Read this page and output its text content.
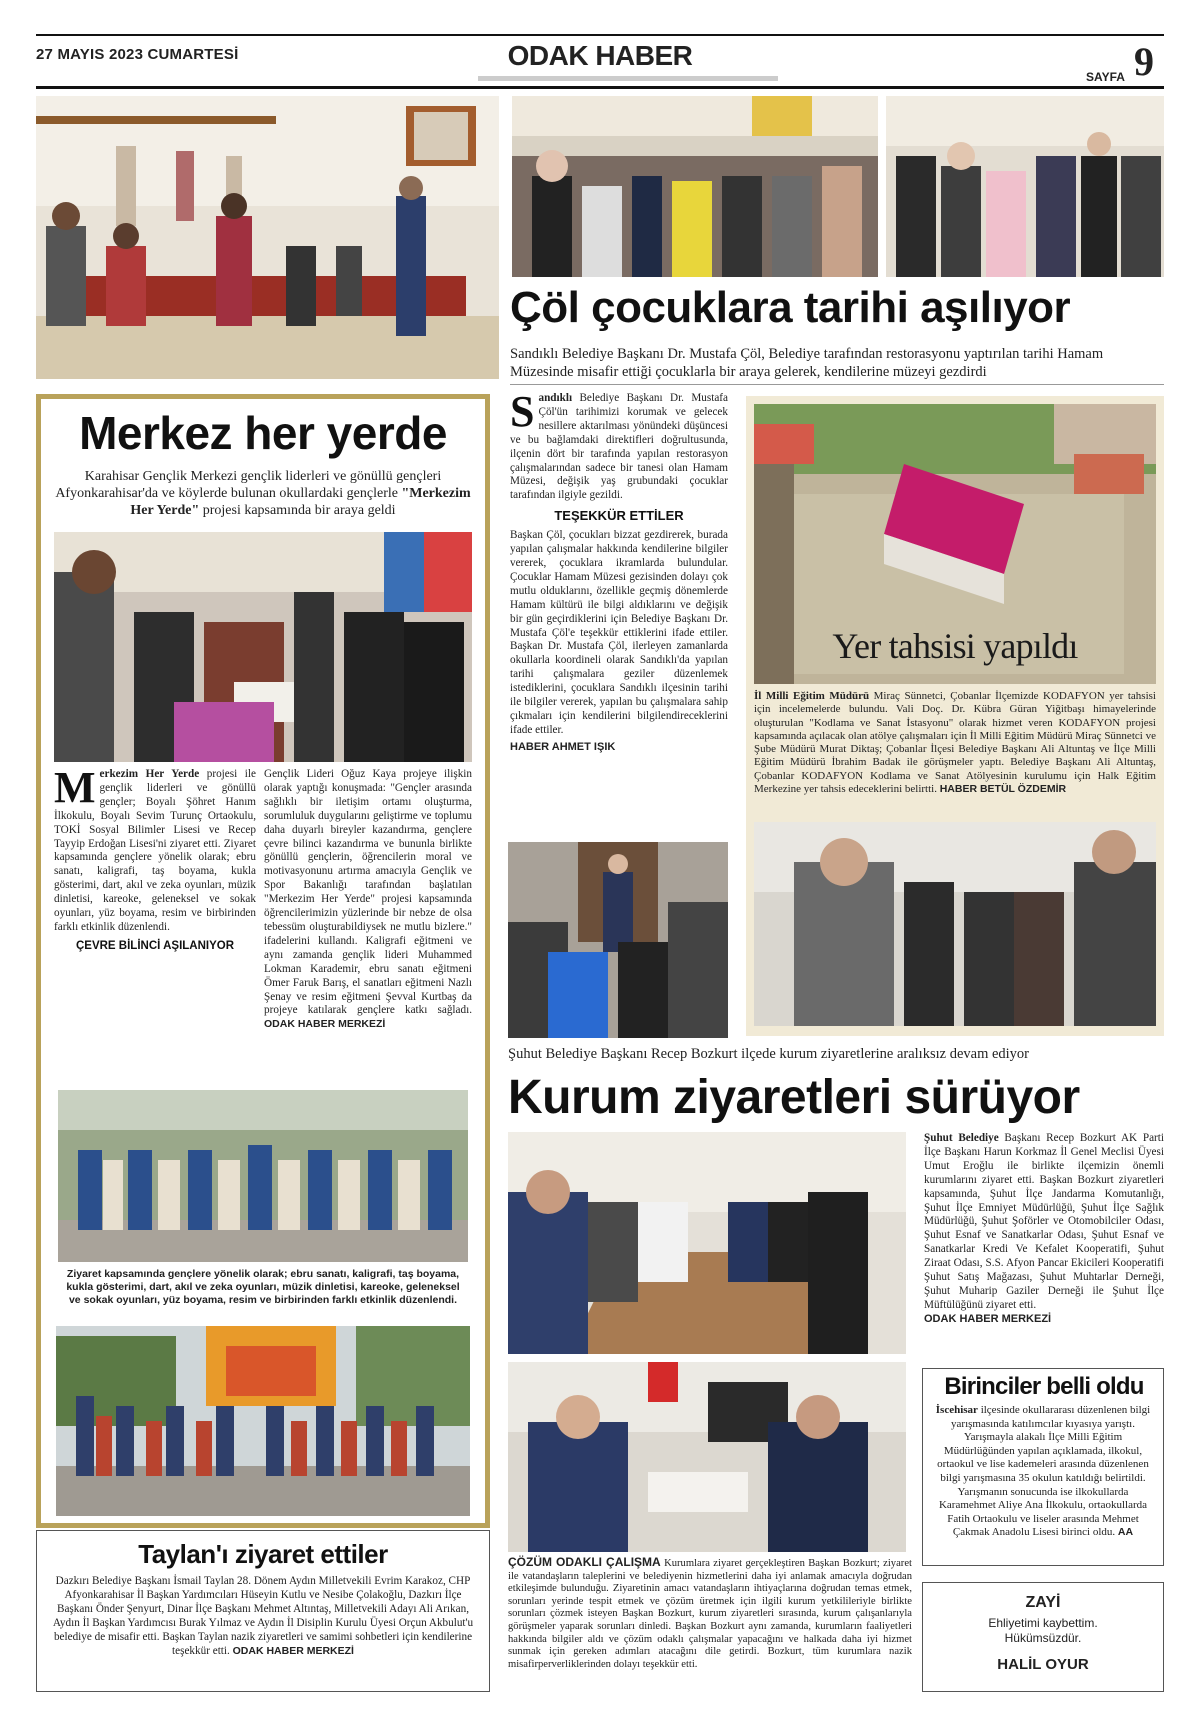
27 MAYIS 2023 CUMARTESİ	ODAK HABER
SAYFA 9
Çöl çocuklara tarihi aşılıyor
Sandıklı Belediye Başkanı Dr. Mustafa Çöl, Belediye tarafından restorasyonu yaptırılan tarihi Hamam Müzesinde misafir ettiği çocuklarla bir araya gelerek, kendilerine müzeyi gezdirdi
Merkez her yerde
Karahisar Gençlik Merkezi gençlik liderleri ve gönüllü gençleri Afyonkarahisar'da ve köylerde bulunan okullardaki gençlerle "Merkezim Her Yerde" projesi kapsamında bir araya geldi
Merkezim Her Yerde projesi ile gençlik liderleri ve gönüllü gençler; Boyalı Şöhret Hanım İlkokulu, Boyalı Sevim Turunç Ortaokulu, TOKİ Sosyal Bilimler Lisesi ve Recep Tayyip Erdoğan Lisesi'ni ziyaret etti. Ziyaret kapsamında gençlere yönelik olarak; ebru sanatı, kaligrafi, taş boyama, kukla gösterimi, dart, akıl ve zeka oyunları, müzik dinletisi, kareoke, geleneksel ve sokak oyunları, yüz boyama, resim ve birbirinden farklı etkinlik düzenlendi.
ÇEVRE BİLİNCİ AŞILANIYOR
Gençlik Lideri Oğuz Kaya projeye ilişkin olarak yaptığı konuşmada: "Gençler arasında sağlıklı bir iletişim ortamı oluşturma, sorumluluk duygularını geliştirme ve toplumu daha duyarlı bireyler kazandırma, gençlere çevre bilinci kazandırma ve bununla birlikte gönüllü gençlerin, öğrencilerin moral ve motivasyonunu artırma amacıyla Gençlik ve Spor Bakanlığı tarafından başlatılan "Merkezim Her Yerde" projesi kapsamında öğrencilerimizin yüzlerinde bir nebze de olsa tebessüm oluşturabildiysek ne mutlu bizlere." ifadelerini kullandı. Kaligrafi eğitmeni ve aynı zamanda gençlik lideri Muhammed Lokman Karademir, ebru sanatı eğitmeni Ömer Faruk Barış, el sanatları eğitmeni Nazlı Şenay ve resim eğitmeni Şevval Kurtbaş da projeye katılarak gençlere katkı sağladı. ODAK HABER MERKEZİ
Ziyaret kapsamında gençlere yönelik olarak; ebru sanatı, kaligrafi, taş boyama, kukla gösterimi, dart, akıl ve zeka oyunları, müzik dinletisi, kareoke, geleneksel ve sokak oyunları, yüz boyama, resim ve birbirinden farklı etkinlik düzenlendi.
Sandıklı Belediye Başkanı Dr. Mustafa Çöl'ün tarihimizi korumak ve gelecek nesillere aktarılması yönündeki düşüncesi ve bu bağlamdaki direktifleri doğrultusunda, ilçenin dört bir tarafında yapılan restorasyon çalışmalarından sadece bir tanesi olan Hamam Müzesi, değişik yaş grubundaki çocuklar tarafından ilgiyle gezildi.
TEŞEKKÜR ETTİLER
Başkan Çöl, çocukları bizzat gezdirerek, burada yapılan çalışmalar hakkında kendilerine bilgiler vererek, çocuklara ikramlarda bulundular. Çocuklar Hamam Müzesi gezisinden dolayı çok mutlu olduklarını, özellikle geçmiş dönemlerde Hamam kültürü ile bilgi aldıklarını ve değişik bir gün geçirdiklerini için Belediye Başkanı Dr. Mustafa Çöl'e teşekkür ettiklerini ifade ettiler. Başkan Dr. Mustafa Çöl, ilerleyen zamanlarda okullarla koordineli olarak Sandıklı'da yapılan tarihi çalışmalara geziler düzenlemek istediklerini, çocuklara Sandıklı ilçesinin tarihi ile bilgiler vererek, yapılan bu çalışmalara sahip çıkmaları için kendilerini bilgilendireceklerini ifade ettiler.
HABER AHMET IŞIK
Yer tahsisi yapıldı
İl Milli Eğitim Müdürü Miraç Sünnetci, Çobanlar İlçemizde KODAFYON yer tahsisi için incelemelerde bulundu. Vali Doç. Dr. Kübra Güran Yiğitbaşı himayelerinde oluşturulan "Kodlama ve Sanat İstasyonu" olarak hizmet veren KODAFYON projesi kapsamında açılacak olan atölye çalışmaları için İl Milli Eğitim Müdürü Miraç Sünnetci ve Şube Müdürü Murat Diktaş; Çobanlar İlçesi Belediye Başkanı Ali Altuntaş ve İlçe Milli Eğitim Müdürü İbrahim Badak ile görüşmeler yaptı. Belediye Başkanı Ali Altuntaş, Çobanlar KODAFYON Kodlama ve Sanat Atölyesinin kurulumu için Halk Eğitim Merkezine yer tahsis edeceklerini belirtti. HABER BETÜL ÖZDEMİR
Şuhut Belediye Başkanı Recep Bozkurt ilçede kurum ziyaretlerine aralıksız devam ediyor
Kurum ziyaretleri sürüyor
Şuhut Belediye Başkanı Recep Bozkurt AK Parti İlçe Başkanı Harun Korkmaz İl Genel Meclisi Üyesi Umut Eroğlu ile birlikte ilçemizin önemli kurumlarını ziyaret etti. Başkan Bozkurt ziyaretleri kapsamında, Şuhut İlçe Jandarma Komutanlığı, Şuhut İlçe Emniyet Müdürlüğü, Şuhut İlçe Sağlık Müdürlüğü, Şuhut Şoförler ve Otomobilciler Odası, Şuhut Esnaf ve Sanatkarlar Odası, Şuhut Esnaf ve Sanatkarlar Kredi Ve Kefalet Kooperatifi, Şuhut Ziraat Odası, S.S. Afyon Pancar Ekicileri Kooperatifi Şuhut Satış Mağazası, Şuhut Muhtarlar Derneği, Şuhut Muharip Gaziler Derneği ile Şuhut İlçe Müftülüğünü ziyaret etti.
ODAK HABER MERKEZİ
Birinciler belli oldu
İscehisar ilçesinde okullararası düzenlenen bilgi yarışmasında katılımcılar kıyasıya yarıştı. Yarışmayla alakalı İlçe Milli Eğitim Müdürlüğünden yapılan açıklamada, ilkokul, ortaokul ve lise kademeleri arasında düzenlenen bilgi yarışmasına 35 okulun katıldığı belirtildi. Yarışmanın sonucunda ise ilkokullarda Karamehmet Aliye Ana İlkokulu, ortaokullarda Fatih Ortaokulu ve liseler arasında Mehmet Çakmak Anadolu Lisesi birinci oldu. AA
ÇÖZÜM ODAKLI ÇALIŞMA Kurumlara ziyaret gerçekleştiren Başkan Bozkurt; ziyaret ile vatandaşların taleplerini ve belediyenin hizmetlerini daha iyi anlamak amacıyla doğrudan etkileşimde bulunduğu. Ziyaretinin amacı vatandaşların ihtiyaçlarına doğrudan temas etmek, sorunları yerinde tespit etmek ve çözüm üretmek için ilgili kurum yetkilileriyle birlikte sorunları çözmek isteyen Başkan Bozkurt, kurum ziyaretleri sırasında, kurum çalışanlarıyla görüşmeler yaparak sorunları dinledi. Başkan Bozkurt aynı zamanda, kurumların faaliyetleri hakkında bilgiler aldı ve çözüm odaklı çalışmalar yapacağını ve halkada daha iyi hizmet sunmak için gereken adımları atacağını dile getirdi. Bozkurt, tüm kurumlara nazik misafirperverliklerinden dolayı teşekkür etti.
ZAYİ
Ehliyetimi kaybettim. Hükümsüzdür.
HALİL OYUR
Taylan'ı ziyaret ettiler
Dazkırı Belediye Başkanı İsmail Taylan 28. Dönem Aydın Milletvekili Evrim Karakoz, CHP Afyonkarahisar İl Başkan Yardımcıları Hüseyin Kutlu ve Nesibe Çolakoğlu, Dazkırı İlçe Başkanı Önder Şenyurt, Dinar İlçe Başkanı Mehmet Altıntaş, Milletvekili Adayı Ali Arıkan, Aydın İl Başkan Yardımcısı Burak Yılmaz ve Aydın İl Disiplin Kurulu Üyesi Orçun Akbulut'u belediye de misafir etti. Başkan Taylan nazik ziyaretleri ve samimi sohbetleri için kendilerine teşekkür etti. ODAK HABER MERKEZİ
